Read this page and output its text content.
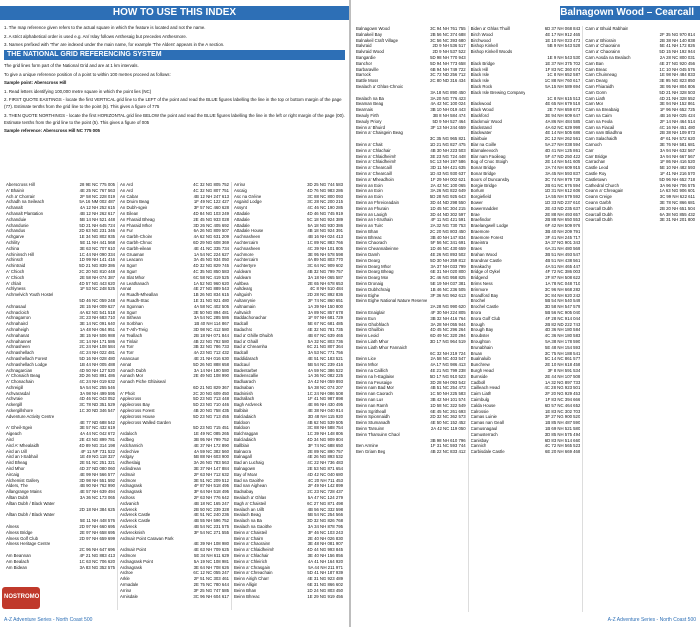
HOW TO USE THIS INDEX

1. The map reference given refers to the actual square in which the feature is located and not the name.

2. A strict alphabetical order is used e.g. An/ Islay follows Anthesaig but precedes Anthesmore.

3. Names prefixed with 'The' are indexed under the main name, for example 'The Alders' appears in the A section.

THE NATIONAL GRID REFERENCING SYSTEM

The grid lines form part of the National Grid and are at 1 km intervals.

To give a unique reference position of a point to within 100 metres proceed as follows:

Sample point: Aberscross Hill

1. Read letters identifying 100,000 metre square in which the point lies (NC)

2. FIRST QUOTE EASTINGS - locate the first VERTICAL grid line to the LEFT of the point and read the BLUE figures labelling the line in the top or bottom margin of the page (77). Estimate tenths from the grid line to the point (5). This gives a figure of 775

3. THEN QUOTE NORTHINGS - locate the first HORIZONTAL grid line BELOW the point and read the BLUE figures labelling the line in the left or right margin of the page (00). Estimate tenths from the grid line to the point (5). This gives a figure of 005

Sample reference: Aberscross Hill NC 775 005

Aberscross Hill	28 9E NC 775 005
A' Bhainir	4E 25 NC 767 563
Ach a' Chorrain	2F 58 NC 228 019
Achadh na Seileach	5A 16 NM 002 487
Achanalt	4A 12 NH 252 615
Achanalt Plantation	4B 12 NH 262 617
Achanduie	5B 14 NH 521 448
Achandunie	5D 21 NH 645 724
Achandus	2D 63 NG 231 346
Achgarve	1E 34 NG 802 935
Achility	5E 11 NH 441 568
Achina	3E 63 NC 707 610
Achininsch Hill	1C 44 NH 090 334
Achinsch	1D 99 NH 141 416
Achintraid	5D 21 NG 839 386
A' Chioch	2C 20 NG 810 448
A' Chioch	2E 58 NH 074 387
A' chlait	4D 57 NG 443 620
Achlyness	1F 53 NC 248 525
Achmelvich Youth Hostel
5D 46 NC 059 248
Achnasaul	2E 15 NH 009 627
Achnacloich	4A 62 NG 541 518
Achnagarron	3C 23 NH 683 710
Achnahaird	3E 14 NC 091 640
Achnaheigh	1A 48 NH 064 951
Achnahanat	3E 15 NH 506 988
Achnahannet	3C 14 NH 171 586
Achnasheen	2C 24 NH 108 584
Achnashellach	4C 24 NH 022 481
Achnashellach Forest	5D 16 NH 028 480
Achnashellach Lodge	1B 44 NH 005 488
Achnagarcian	4D 50 NH 127 520
A' Chonaich Beag	3D 26 NG 891 486
A' Chonachain	4C 24 NH 019 632
Achreigill	5A 54 NC 255 546
Achvarasdal	3A 98 NH 499 595
Achvraie	4D 46 NC 043 052
Ackergill	3C 78 ND 351 529
Ackergillshore	1C 30 ND 346 547
Adventure Activity Centre
4E 77 ND 688 542
A' Gheil-Sgeir	3E 57 NC 432 619
Aigeach	4A 44 NC 042 672
Aird	2E 43 NG 899 781
Aird A' Mhealaidh	4D 89 NG 314 198
Aird an Uill	4F 11 NF 731 522
Aird an t-Sabhail	1E 49 NG 118 327
Aird Bheag	2E 51 NC 251 321
Aird Mhor	4D 37 ND 080 060
Aircaig	4E 99 NH 566 577
Alchemist Gallery	3D 98 NH 551 592
Alders, The	4B 90 NH 762 990
Allangrange Mains	4E 57 NH 639 494
Alltan Dubh	3A 36 NC 173 065
Alltan Dubh / Black Water
2D 18 NH 384 625
Alltan Dubh / Black Water
5E 11 NH 448 576
Alness	2D 97 NH 660 695
Alness Bridge	2E 97 NH 658 695
Alness Golf Club	2D 97 NH 659 699
Alness Heritage Centre
2C 96 NH 647 696
Am Beannan	4F 21 NG 883 413
Am Bealach	1C 63 NC 706 620
Am Bidean	3A 83 NG 352 575
An Ard	4C 32 NG 805 752
An Ard	4C 32 NG 807 751
An Cabar	4B 12 NH 247 613
An Druim Beag	1F 49 NC 122 427
An Dubh-sgeir	3F 57 NC 460 628
An Eilean	4D 84 NG 103 249
An Fharaid Bheag	2E 45 NG 933 028
An Fharaid Mhor	3D 26 NC 405 692
An Fur	6A 26 NG 809 507
An Garbh-Choire	4A 62 NG 631 209
An Garbh-Chnoc	6D 29 NG 608 369
An Garbh-eilean	4E 41 NC 335 734
An Gruaman	1A 54 NC 224 627
An Leacann	3A 45 NG 934 050
An Sgorr	4D 32 NG 829 745
An Sgurr	4C 35 NG 850 583
An Slat Mhor	6C 58 NC 419 525
An Leathanach	1A 52 NG 960 620
Annat	4E 27 NG 889 543
An Ruadh-Mheallan	1B 26 NG 834 615
An Ruadh-Stac	1E 31 NG 921 480
An Sgonnan	4A 58 NC 402 505
An Sgurr	3E 50 NG 894 481
An Sithean	3A 54 NC 285 586
An Sorbhan	1B 40 NH 114 867
An T-Ath-Treig	3D 98 NC 412 580
An Teallach	2B 18 NH 071 844
An Tinlair	4B 22 NG 792 580
An Torr	3B 32 NG 786 733
An Torr	4A 23 NG 712 432
Anancaun	4E 21 NH 016 630
Annat	5D 26 NG 888 658
Aonach Dubh	3A 14 NH 190 580
Aonach Mor	2E 49 NG 108 990
Aonach Piche Ghlaiseal
6D 21 NG 829 367
A' Phoit	2C 20 NG 609 450
Applecross	5D 23 NG 713 448
Applecross Bay	5D 23 NG 710 446
Applecross Forest	4B 20 NG 758 435
Applecross House	5D 23 NG 713 455
Applecross Walled Garden
5D 23 NG 715 451
Ardaloch	1E 49 NC 085 265
Ardbeg	3B 95 NH 799 752
Ardcharnich	4E 37 NH 172 890
Ardechive	4A 59 NC 382 560
Ardgay	5B 88 NH 603 900
Ardheslaig	3A 26 NG 783 563
Ardindrean	3E 37 NH 147 884
Ardmair	2F 63 NH 712 632
Ardmore	3E 51 NC 209 512
Ardnagrask	4F 87 NH 518 495
Ardnagrask	3F 64 NH 518 495
Ardross	2F 63 NH 776 642
Ardvanich	4B 18 NC 165 247
Ardvreck	2B 50 NC 239 328
Ardvreck Castle	4E 51 NC 240 236
Ardvreck Castle	4B 55 NH 596 752
Ardvreck	4B 54 NC 231 575
Ardvrecknish	3F 54 NC 271 555
Ardmair Point Caravan Park
4E 39 NH 108 980
Ardmair Point	4E 63 NH 709 625
Ardmore	5E 34 NH 611 629
Ardnagrask Point	5A 19 NC 108 981
Ardnagrask	3E 64 NH 708 626
Ardroe	6C 12 NC 055 247
Arkle	2F 51 NC 303 461
Armadale	2E 75 NC 780 644
Arrina	3F 25 NG 747 585
Arnisdale	3C 96 NH 604 617
Arrina	3D 25 NG 744 583
Ascaig	4D 76 NG 983 286
Asc na Gréine	3C 88 NC 800 093
Asgaird Lodge	3C 28 NC 200 215
Assynt	4C 46 NC 190 285
Attadale	4D 46 NG 745 919
Attadale	5C 18 NG 924 389
Attadale	5A 18 NG 930 386
Attadale House	4B 18 NG 924 391
Auchnasheen	4B 16 NH 024 413
Auchtercairn	1C 89 NC 883 766
Auchnasheen	4C 39 NH 101 805
Auchmore	3E 95 NH 578 598
Auchtercairn	4A 89 NG 803 770
Auchtertyre	3C 64 NC 909 602
Auldearn	4B 32 NG 799 757
Auldearn	3A 18 NH 065 587
Aultbea	2E 65 NH 678 653
Aultdearg	4C 8 NH 510 484
Aultguish	2D 28 NC 892 836
Aultanrynie	2F 74 NC 860 651
Aultnamain	1A 39 NH 150 800
Aultvaich	3A 89 NC 857 678
Baddachonachar	1F 97 NH 681 729
Badcall	5E 67 NC 681 485
Badachro	4E 32 NG 781 735
Bad a' Ghille Dhuibh	4B 67 NC 639 465
Bad a' Ghaill	5A 32 NC 803 736
Bad a' Chreamha	6C 21 NG 807 364
Badcall	3A 53 NC 771 756
Baddidarach	4E 51 NC 183 521
Badcaul	5B 54 NC 239 416
Badentarbet	4A 59 NC 386 522
Badenscallie	1A 36 NC 082 225
Badluarach	2A 42 NH 059 893
Badnaban	5A 38 NC 074 207
Badninish	1C 24 NH 086 508
Badrallach	1F 41 NG 987 898
Bagh Ardvreck	4E 86 NH 430 495
Balblair	4E 38 NH 040 914
Balcladaich	3D 48 NH 115 920
Baldoon	4B 62 NG 539 505
Baldoon	3C 88 NH 588 754
Balchraggan	1C 39 NH 148 806
Balcladaich	4D 34 NG 909 804
Ballblair	3F 74 NC 688 650
Balnacra	2E 89 NC 890 757
Balnagall	4E 26 NG 893 532
Bad an Luchaig	4C 22 NH 736 483
Balnagown	2E 53 NG 871 654
Bay of Moar	4D 42 NC 040 680
Bad na Gaoithe	4C 20 NH 711 453
Bad nan Aighean	2F 49 NH 142 899
Badnabay	2C 23 NC 728 437
Bealach a' Ghlas	5A 47 NC 124 279
Bagh a' Chaisteil	6C 27 NG 871 498
Bealach an Uillt	4B 56 NC 332 598
Bealach Beag	5B 54 NC 254 566
Bealach na Ba	3D 32 NG 826 768
Bealach na Gaoithe	3A 34 NH 878 795
Beinn a' Chaisteil	3F 46 NC 103 243
Beinn a' Chairn	2E 40 NH 026 830
Beinn a' Chaorainn	3E 48 NH 081 907
Beinn a' Chlaidheimh	4D 44 NG 993 845
Beinn a' Chlachair	3E 40 NH 156 856
Beinn a' Chleirich	4A 41 NH 164 920
Beinn a' Chrasgain	5A 44 NH 211 971
Beinn a' Chreachain	5D 41 NH 187 939
Beinn Airigh Charr	4E 31 NG 923 489
Beinn Alligin	6E 31 NG 866 602
Beinn Bhan	1D 24 NG 803 450
Beinn Bhreac	1E 29 NG 919 456
NOSTROMO
A-Z Adventure Series - North Coast 500
Balnagown Wood – Cearcall Dubh
Balnagown Wood	3C 94 NH 761 755
Balnakeil Bay	2B 56 NC 374 688
Balnakeil Craft Village	3C 56 NC 393 680
Balvraid	2D 9 NH 536 517
Balvraid Wood	2D 9 NH 537 522
Bangardie	5D 98 NH 770 943
Banchor	5D 94 NH 773 658
Barbaraville	6B 94 NH 749 722
Barrock	3C 72 ND 256 712
Battle Moss	2C 80 ND 316 434
Bealach a' Ghlas-Chnoic
3A 18 NG 890 450
Bealach na Ba	3A 20 NG 776 423
Beaman Beag	4A 42 NC 100 024
Bearnais	3B 10 NH 019 443
Beauly Firth	3B 8 NH 584 474
Beauly Priory	5D 9 NH 527 464
Beinn a' Bhuird	3F 13 NH 244 659
Beinn a' Chaisgein Beag
3C 35 NG 965 821
Beinn a' Chait	1D 21 NG 827 475
Beinn a' Chlachair	4B 30 NH 223 503
Beinn a' Chlaidheimh	3E 23 NG 724 448
Beinn a' Chlaidheimh	5C 13 NH 197 586
Beinn a' Chearcaill	3D 11 NH 421 635
Beinn a' Chearcaill	1D 43 NG 930 637
Beinn a' Mheadhoin	1F 29 NH 002 621
Beinn an Eoin	2A 42 NC 100 065
Beinn an Eoin	3A 26 NG 822 649
Beinn an Eoin	5D 28 NG 925 643
Beinn an Fhreiceadain	3D 44 ND 298 550
Beinn an Fhurain	1D 45 NC 304 215
Beinn an Laoigh	3D 44 ND 302 597
Beinn an t-Sruthain	4F 11 NG 421 591
Beinn an Tuirc	2A 32 NG 730 753
Beinn Bhan	2C 20 NG 803 450
Beinn Bhreac	3B 40 NH 147 834
Beinn Chaorach	5F 56 NC 341 691
Beinn Cheannabeinne	1D 46 NC 430 659
Beinn Damh	4E 26 NG 893 502
Beinn Dearg	5D 30 NH 259 812
Beinn Dearg Mhor	3A 37 NH 033 799
Beinn Dearg Bheag	6E 31 NH 020 800
Beinn Dearg Mor	3C 46 NG 958 825
Beinn Dronaig	5E 19 NH 037 381
Beinn Dubhchraig	1B 46 NC 236 505
Beinn Eighe	3F 36 NG 962 613
Beinn Eighe National Nature Reserve
2A 28 NG 990 620
Beinn Enaiglair	4F 30 NH 224 805
Beinn Eun	3B 32 NH 416 764
Beinn Ghobhlach	3A 28 NH 055 944
Beinn Ghuilbin	4D 45 NC 296 264
Beinn Leoid	6D 49 NC 320 294
Beinn Liath Mhor	3D 17 NG 964 519
Beinn Liath Mhor Fannaich
6C 32 NH 219 724
Beinn Lice	2A 58 NC 403 547
Beinn Mhor	4A 17 NG 986 413
Beinn na Caillich	4E 21 NG 799 238
Beinn na h-Eaglaise	5D 17 NG 910 523
Beinn na Feusaige	3D 28 NH 093 542
Beinn nam Bad Mor	4B 51 NC 254 473
Beinn nan Caorach	1C 50 NH 225 583
Beinn nan Lus	3B 42 NH 101 574
Beinn nan Ramh	1D 58 NC 322 549
Beinn Sgritheall	6E 45 NC 261 693
Beinn Spionnaidh	2D 32 NC 362 573
Beinn Stumanadh	4E 50 NC 152 452
Beinn Tarsuinn	2A 42 NC 119 050
Beinn Tharsuinn Chaol
3B 98 NH 610 796
Ben Armine	1F 31 NC 593 744
Ben Griam Beg	4B 22 NC 833 412
Biden a' Ghlas Thuill	6D 37 NH 068 843
Birch Wood	4E 17 NH 912 465
Birchwood	1E 10 NH 023 473
Bishop Kinkell	5B 9 NH 543 528
Bishop Kinkell Woods
1E 9 NH 543 530
Black Bridge	1E 37 NH 375 702
Black Hill	1F 83 NC 360 674
Black Isle	1C 8 NH 652 587
Black Isle	1C 88 NH 760 617
Black Rock	5A 15 NH 589 694
Black Isle Brewing Company
1C 8 NH 615 513
Blackwood	4E 65 NH 679 519
Black Wood	2E 7 NH 659 673
Blackford	3E 94 NH 609 647
Blackmuir Wood	4A 86 NH 484 585
Blackstand	4A 62 NC 629 999
Blackwater	4E 14 NH 505 686
Blairbuie	2C 12 NH 262 561
Blar na Coille	5A 27 NH 038 594
Blarnaleevoch	4D 41 NH 125 861
Blar nam Faoileag	5F 47 ND 250 422
Bog of Cnoc Stoigh	2E 14 NH 541 605
Bonar Bridge	2A 74 NH 609 915
Bonar Bridge	3A 45 NH 593 837
Boors of Duncansby	3C 74 NH 979 728
Borgie Bridge	2B 61 NC 676 594
Borlum	1D 31 NH 612 606
Borgiefield	1A 55 NH 579 592
Bower	1D 33 ND 237 610
Bowermadden	2E 43 ND 235 637
Brae	2E 88 NH 493 657
Braefindon	2B 88 NH 650 553
Braelangwell Lodge	6F 42 NH 509 976
Braemore	3B 40 NH 209 791
Braemore Forest	3F 41 NH 245 717
Braeintra	3A 37 NG 901 343
Braes	6A 31 NH 480 569
Brahan Wood	3B 51 NH 493 547
Brandnar Castle	4B 51 NH 438 561
Breakachy	4A 51 NH 465 447
Bridge of Oykel	4F 72 NC 386 003
Bridgend	2F 87 NH 508 622
Brims Ness	1A 78 NC 048 710
Brinmore	3C 96 NH 668 282
Broadford Bay	3C 84 NH 620 242
Brochel	5B 54 NH 540 549
Brochel Castle	3D 58 NH 547 579
Brora	5B 56 NC 905 040
Brora Golf Club	4F 28 NC 914 044
Brough	2B 82 ND 222 743
Brough Bay	4D 36 NH 180 584
Broubster	4C 36 NH 180 583
Broughton	5A 38 NH 178 590
Brunabhain	5E 48 NH 154 593
Bruan	3C 75 NH 188 541
Bualnaluib	5C 14 NC 861 577
Bunchrew	2E 10 NH 618 458
Burgh Head	3F 8 NH 591 534
Burnside	2E 44 NH 107 508
Cadboll	1A 32 NG 897 733
Cailleach Head	4C 28 NG 923 501
Cairn Liath	2F 20 NG 929 453
Cairnbulg	1F 83 NC 394 666
Calda House	6D 57 NC 464 652
Calrossie	1E 83 NC 302 703
Camas Luinie	3F 27 NG 900 520
Camas nan Geall	1B 85 NH 487 590
Camusnagaul	1B 69 NH 521 580
Camusterrach	3D 85 NH 575 494
Canisbay	6D 83 NH 514 660
Cannich	4C 72 NH 565 523
Carbisdale Castle	6E 20 NH 669 468
Carn a' Bhuid Rabhain
2F 35 NG 970 814
Carn a' Bhiorain	2B 38 NH 140 838
Carn a' Chaorainn	5E 41 NH 172 826
Carn a' Chaorainn	5D 15 NH 192 944
Carn Aosda na Bealach	2A 28 NC 800 031
Carn Ban	4E 37 NG 920 456
Carn Breac	1C 10 NH 045 576
Carn Chuinneag	1E 98 NH 484 833
Carn Dearg	3E 95 NG 823 850
Carn Fhiaraidh	3E 95 NH 804 806
Carn Gorm	5D 21 NH 328 503
Carn Liath	4D 21 NH 328 552
Carn Mor	3E 94 NH 152 861
Carn na Breabaig	1F 96 NH 652 725
Carn na Caim	4B 16 NH 025 424
Carn na Feola	2F 14 NH 464 514
Carn na Fiacail	4C 16 NH 451 480
Carn nam Bliadhna	2B 38 NH 109 873
Carn Salachaidh	4F 61 NH 572 620
Carnoch	3E 76 NH 581 681
Carr	3A 94 NH 632 567
Carr Bridge	3A 94 NH 667 567
Carrachan	1F 86 NH 416 520
Castle Leod	5E 10 NH 482 593
Castle Roy	1F 41 NH 216 570
Castletown	5D 96 NH 652 718
Cathedral Church	3A 96 NH 706 575
Ceann a' Chreagain	1A 63 NG 906 601
Ceann Creige	3C 99 NH 622 611
Ceann Garbh	3E 78 NC 866 681
Cearcall Dubh	2B 20 NH 651 504
Cearcall Dubh	6A 38 NG 855 432
Cearcall Dubh	3E 31 NH 201 800
A-Z Adventure Series - North Coast 500
